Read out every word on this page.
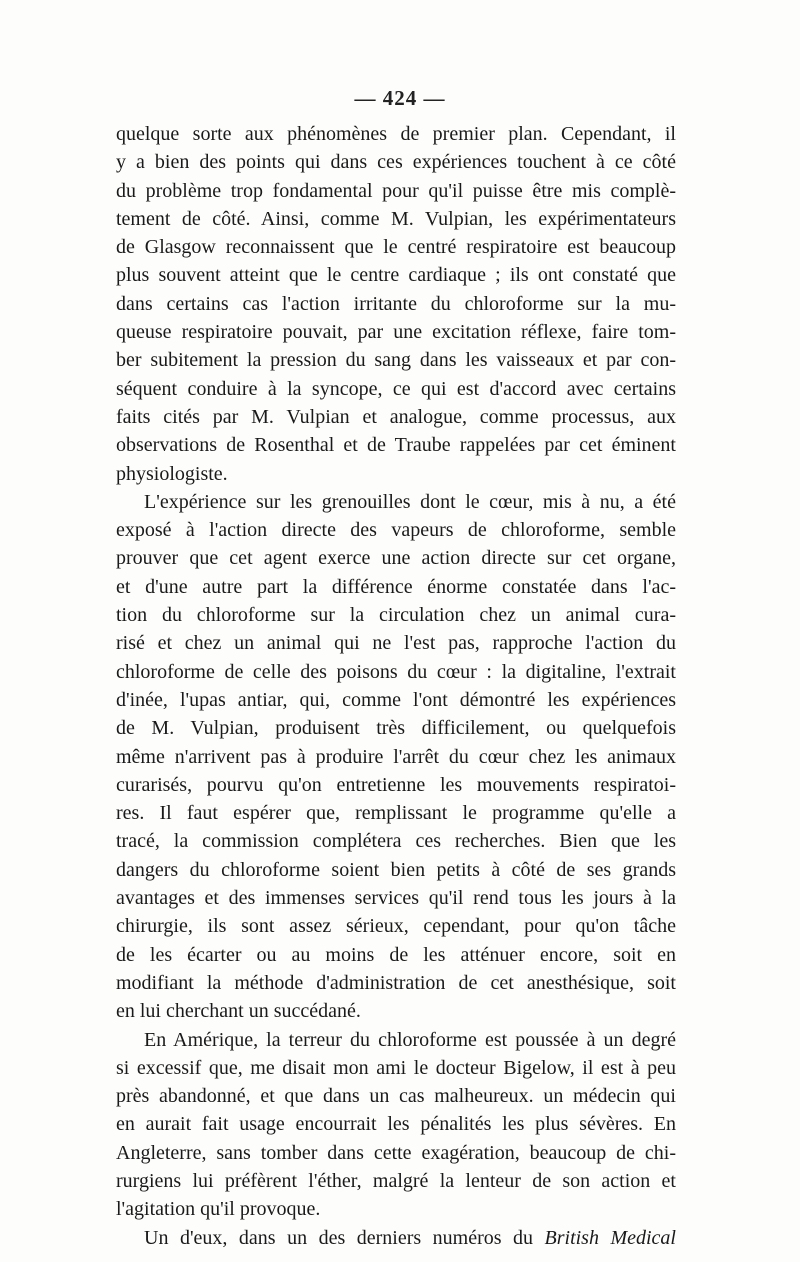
— 424 —

quelque sorte aux phénomènes de premier plan. Cependant, il
y a bien des points qui dans ces expériences touchent à ce côté
du problème trop fondamental pour qu'il puisse être mis complè-
tement de côté. Ainsi, comme M. Vulpian, les expérimentateurs
de Glasgow reconnaissent que le centré respiratoire est beaucoup
plus souvent atteint que le centre cardiaque ; ils ont constaté que
dans certains cas l'action irritante du chloroforme sur la mu-
queuse respiratoire pouvait, par une excitation réflexe, faire tom-
ber subitement la pression du sang dans les vaisseaux et par con-
séquent conduire à la syncope, ce qui est d'accord avec certains
faits cités par M. Vulpian et analogue, comme processus, aux
observations de Rosenthal et de Traube rappelées par cet éminent
physiologiste.

L'expérience sur les grenouilles dont le cœur, mis à nu, a été
exposé à l'action directe des vapeurs de chloroforme, semble
prouver que cet agent exerce une action directe sur cet organe,
et d'une autre part la différence énorme constatée dans l'ac-
tion du chloroforme sur la circulation chez un animal cura-
risé et chez un animal qui ne l'est pas, rapproche l'action du
chloroforme de celle des poisons du cœur : la digitaline, l'extrait
d'inée, l'upas antiar, qui, comme l'ont démontré les expériences
de M. Vulpian, produisent très difficilement, ou quelquefois
même n'arrivent pas à produire l'arrêt du cœur chez les animaux
curarisés, pourvu qu'on entretienne les mouvements respiratoi-
res. Il faut espérer que, remplissant le programme qu'elle a
tracé, la commission complétera ces recherches. Bien que les
dangers du chloroforme soient bien petits à côté de ses grands
avantages et des immenses services qu'il rend tous les jours à la
chirurgie, ils sont assez sérieux, cependant, pour qu'on tâche
de les écarter ou au moins de les atténuer encore, soit en
modifiant la méthode d'administration de cet anesthésique, soit
en lui cherchant un succédané.

En Amérique, la terreur du chloroforme est poussée à un degré
si excessif que, me disait mon ami le docteur Bigelow, il est à peu
près abandonné, et que dans un cas malheureux. un médecin qui
en aurait fait usage encourrait les pénalités les plus sévères. En
Angleterre, sans tomber dans cette exagération, beaucoup de chi-
rurgiens lui préfèrent l'éther, malgré la lenteur de son action et
l'agitation qu'il provoque.

Un d'eux, dans un des derniers numéros du British Medical
